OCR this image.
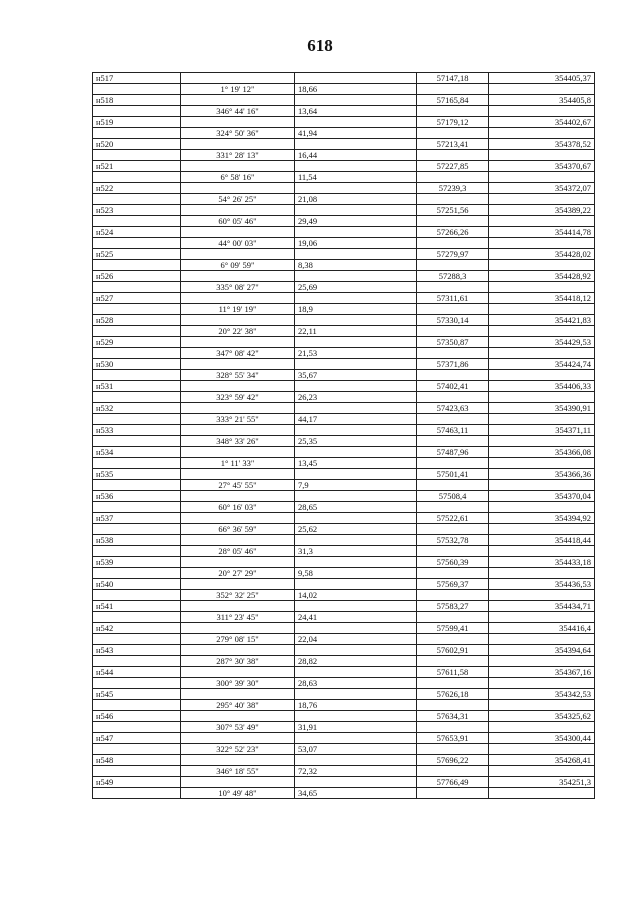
618
н517			57147,18	354405,37
	1° 19' 12"	18,66		
н518			57165,84	354405,8
	346° 44' 16"	13,64		
н519			57179,12	354402,67
	324° 50' 36"	41,94		
н520			57213,41	354378,52
	331° 28' 13"	16,44		
н521			57227,85	354370,67
	6° 58' 16"	11,54		
н522			57239,3	354372,07
	54° 26' 25"	21,08		
н523			57251,56	354389,22
	60° 05' 46"	29,49		
н524			57266,26	354414,78
	44° 00' 03"	19,06		
н525			57279,97	354428,02
	6° 09' 59"	8,38		
н526			57288,3	354428,92
	335° 08' 27"	25,69		
н527			57311,61	354418,12
	11° 19' 19"	18,9		
н528			57330,14	354421,83
	20° 22' 38"	22,11		
н529			57350,87	354429,53
	347° 08' 42"	21,53		
н530			57371,86	354424,74
	328° 55' 34"	35,67		
н531			57402,41	354406,33
	323° 59' 42"	26,23		
н532			57423,63	354390,91
	333° 21' 55"	44,17		
н533			57463,11	354371,11
	348° 33' 26"	25,35		
н534			57487,96	354366,08
	1° 11' 33"	13,45		
н535			57501,41	354366,36
	27° 45' 55"	7,9		
н536			57508,4	354370,04
	60° 16' 03"	28,65		
н537			57522,61	354394,92
	66° 36' 59"	25,62		
н538			57532,78	354418,44
	28° 05' 46"	31,3		
н539			57560,39	354433,18
	20° 27' 29"	9,58		
н540			57569,37	354436,53
	352° 32' 25"	14,02		
н541			57583,27	354434,71
	311° 23' 45"	24,41		
н542			57599,41	354416,4
	279° 08' 15"	22,04		
н543			57602,91	354394,64
	287° 30' 38"	28,82		
н544			57611,58	354367,16
	300° 39' 30"	28,63		
н545			57626,18	354342,53
	295° 40' 38"	18,76		
н546			57634,31	354325,62
	307° 53' 49"	31,91		
н547			57653,91	354300,44
	322° 52' 23"	53,07		
н548			57696,22	354268,41
	346° 18' 55"	72,32		
н549			57766,49	354251,3
	10° 49' 48"	34,65		
